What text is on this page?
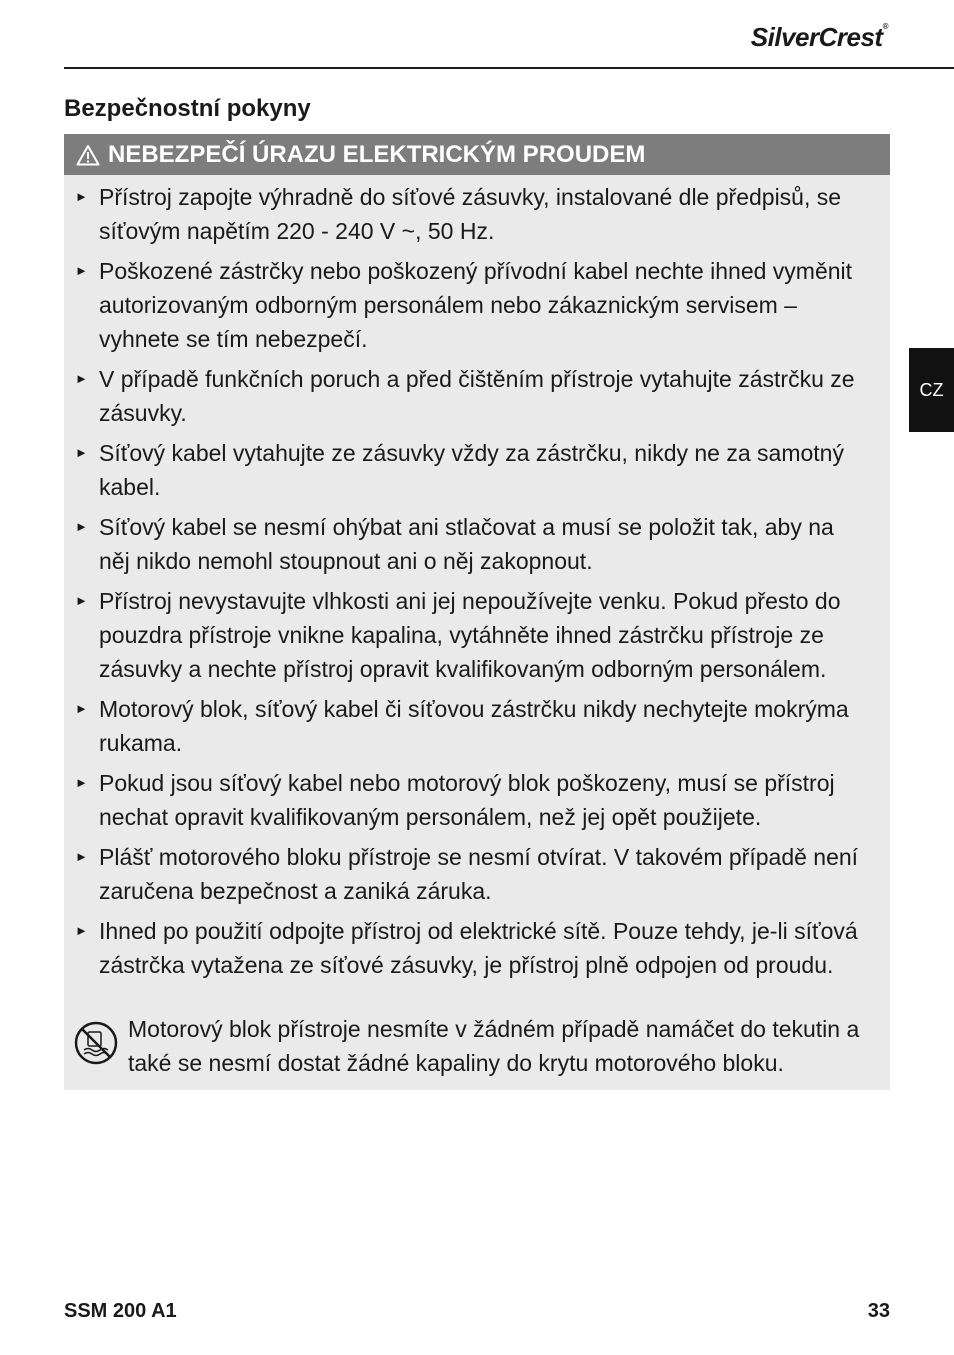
SilverCrest®
Bezpečnostní pokyny
NEBEZPEČÍ ÚRAZU ELEKTRICKÝM PROUDEM
► Přístroj zapojte výhradně do síťové zásuvky, instalované dle předpisů, se síťovým napětím 220 - 240 V ~, 50 Hz.
► Poškozené zástrčky nebo poškozený přívodní kabel nechte ihned vyměnit autorizovaným odborným personálem nebo zákaznickým servisem – vyhnete se tím nebezpečí.
► V případě funkčních poruch a před čištěním přístroje vytahujte zástrčku ze zásuvky.
► Síťový kabel vytahujte ze zásuvky vždy za zástrčku, nikdy ne za samotný kabel.
► Síťový kabel se nesmí ohýbat ani stlačovat a musí se položit tak, aby na něj nikdo nemohl stoupnout ani o něj zakopnout.
► Přístroj nevystavujte vlhkosti ani jej nepoužívejte venku. Pokud přesto do pouzdra přístroje vnikne kapalina, vytáhněte ihned zástrčku přístroje ze zásuvky a nechte přístroj opravit kvalifikovaným odborným personálem.
► Motorový blok, síťový kabel či síťovou zástrčku nikdy nechytejte mokrýma rukama.
► Pokud jsou síťový kabel nebo motorový blok poškozeny, musí se přístroj nechat opravit kvalifikovaným personálem, než jej opět použijete.
► Plášť motorového bloku přístroje se nesmí otvírat. V takovém případě není zaručena bezpečnost a zaniká záruka.
► Ihned po použití odpojte přístroj od elektrické sítě. Pouze tehdy, je-li síťová zástrčka vytažena ze síťové zásuvky, je přístroj plně odpojen od proudu.
Motorový blok přístroje nesmíte v žádném případě namáčet do tekutin a také se nesmí dostat žádné kapaliny do krytu motorového bloku.
CZ
SSM 200 A1	33
